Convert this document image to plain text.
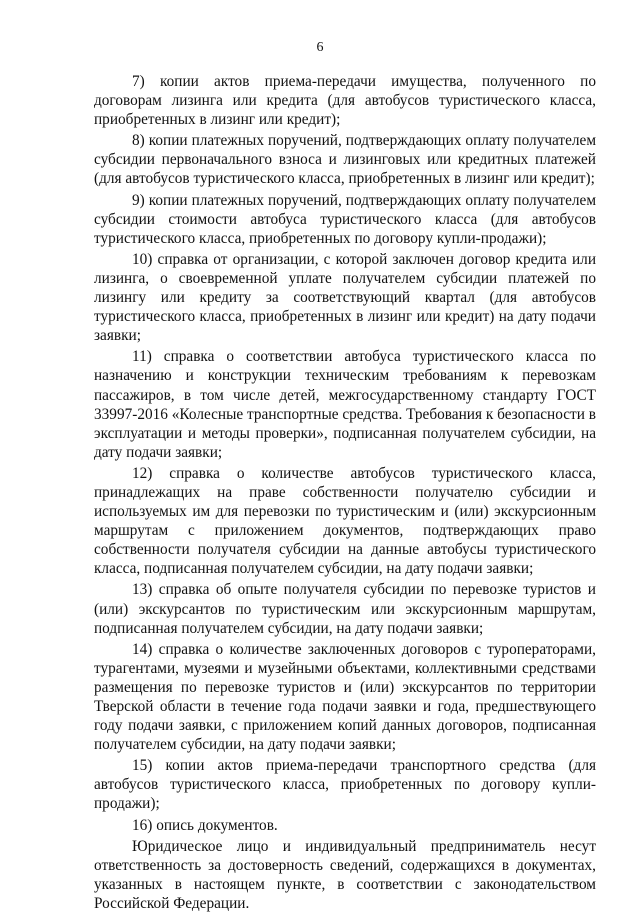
6

7) копии актов приема-передачи имущества, полученного по договорам лизинга или кредита (для автобусов туристического класса, приобретенных в лизинг или кредит);

8) копии платежных поручений, подтверждающих оплату получателем субсидии первоначального взноса и лизинговых или кредитных платежей (для автобусов туристического класса, приобретенных в лизинг или кредит);

9) копии платежных поручений, подтверждающих оплату получателем субсидии стоимости автобуса туристического класса (для автобусов туристического класса, приобретенных по договору купли-продажи);

10) справка от организации, с которой заключен договор кредита или лизинга, о своевременной уплате получателем субсидии платежей по лизингу или кредиту за соответствующий квартал (для автобусов туристического класса, приобретенных в лизинг или кредит) на дату подачи заявки;

11) справка о соответствии автобуса туристического класса по назначению и конструкции техническим требованиям к перевозкам пассажиров, в том числе детей, межгосударственному стандарту ГОСТ 33997-2016 «Колесные транспортные средства. Требования к безопасности в эксплуатации и методы проверки», подписанная получателем субсидии, на дату подачи заявки;

12) справка о количестве автобусов туристического класса, принадлежащих на праве собственности получателю субсидии и используемых им для перевозки по туристическим и (или) экскурсионным маршрутам с приложением документов, подтверждающих право собственности получателя субсидии на данные автобусы туристического класса, подписанная получателем субсидии, на дату подачи заявки;

13) справка об опыте получателя субсидии по перевозке туристов и (или) экскурсантов по туристическим или экскурсионным маршрутам, подписанная получателем субсидии, на дату подачи заявки;

14) справка о количестве заключенных договоров с туроператорами, турагентами, музеями и музейными объектами, коллективными средствами размещения по перевозке туристов и (или) экскурсантов по территории Тверской области в течение года подачи заявки и года, предшествующего году подачи заявки, с приложением копий данных договоров, подписанная получателем субсидии, на дату подачи заявки;

15) копии актов приема-передачи транспортного средства (для автобусов туристического класса, приобретенных по договору купли-продажи);

16) опись документов.

Юридическое лицо и индивидуальный предприниматель несут ответственность за достоверность сведений, содержащихся в документах, указанных в настоящем пункте, в соответствии с законодательством Российской Федерации.
